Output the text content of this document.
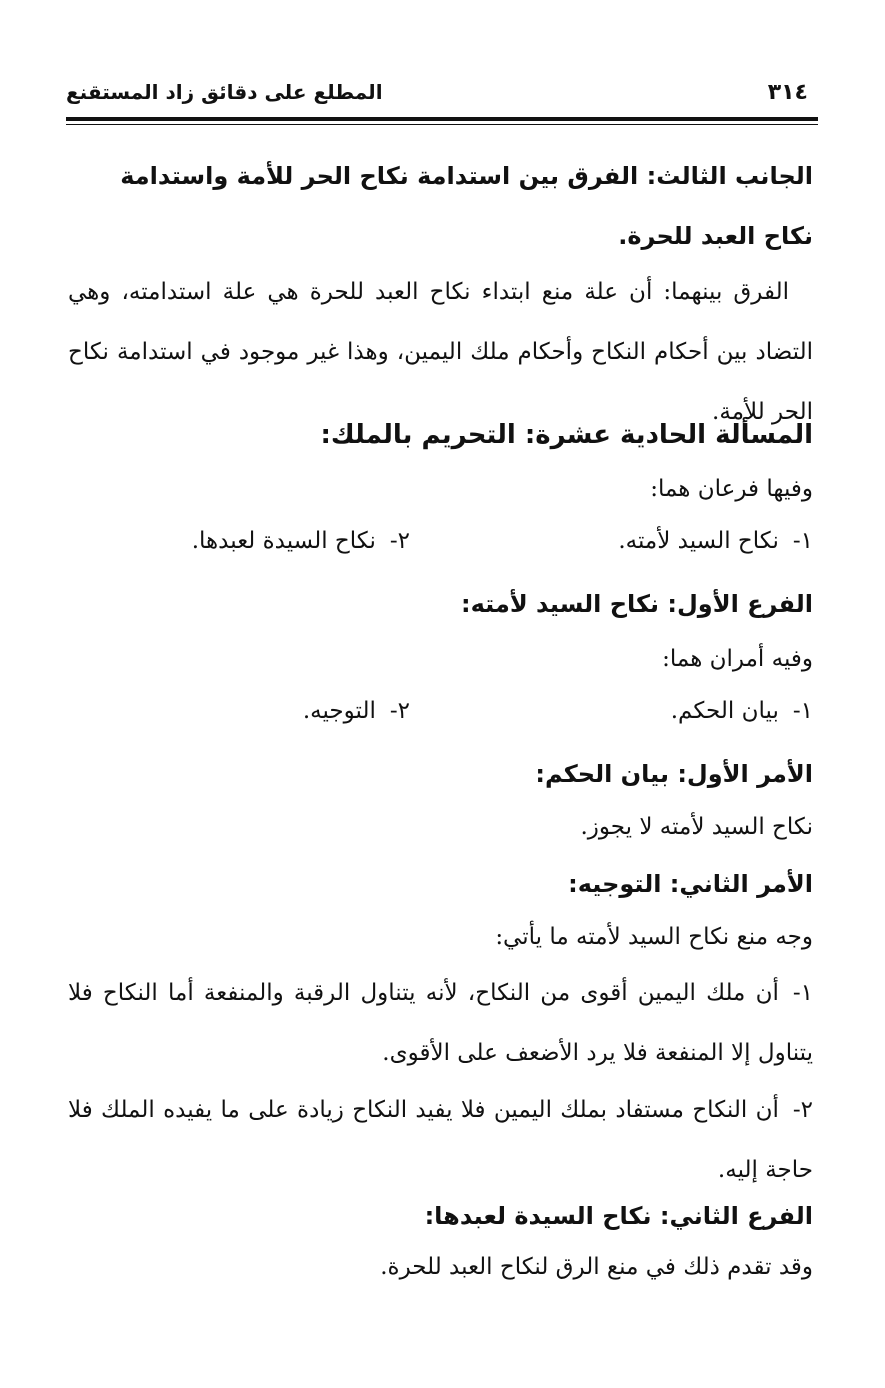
٣١٤
المطلع على دقائق زاد المستقنع
الجانب الثالث: الفرق بين استدامة نكاح الحر للأمة واستدامة نكاح العبد للحرة.
الفرق بينهما: أن علة منع ابتداء نكاح العبد للحرة هي علة استدامته، وهي التضاد بين أحكام النكاح وأحكام ملك اليمين، وهذا غير موجود في استدامة نكاح الحر للأمة.
المسألة الحادية عشرة: التحريم بالملك:
وفيها فرعان هما:
١-نكاح السيد لأمته.
٢-نكاح السيدة لعبدها.
الفرع الأول: نكاح السيد لأمته:
وفيه أمران هما:
١-بيان الحكم.
٢-التوجيه.
الأمر الأول: بيان الحكم:
نكاح السيد لأمته لا يجوز.
الأمر الثاني: التوجيه:
وجه منع نكاح السيد لأمته ما يأتي:
١-أن ملك اليمين أقوى من النكاح، لأنه يتناول الرقبة والمنفعة أما النكاح فلا يتناول إلا المنفعة فلا يرد الأضعف على الأقوى.
٢-أن النكاح مستفاد بملك اليمين فلا يفيد النكاح زيادة على ما يفيده الملك فلا حاجة إليه.
الفرع الثاني: نكاح السيدة لعبدها:
وقد تقدم ذلك في منع الرق لنكاح العبد للحرة.
